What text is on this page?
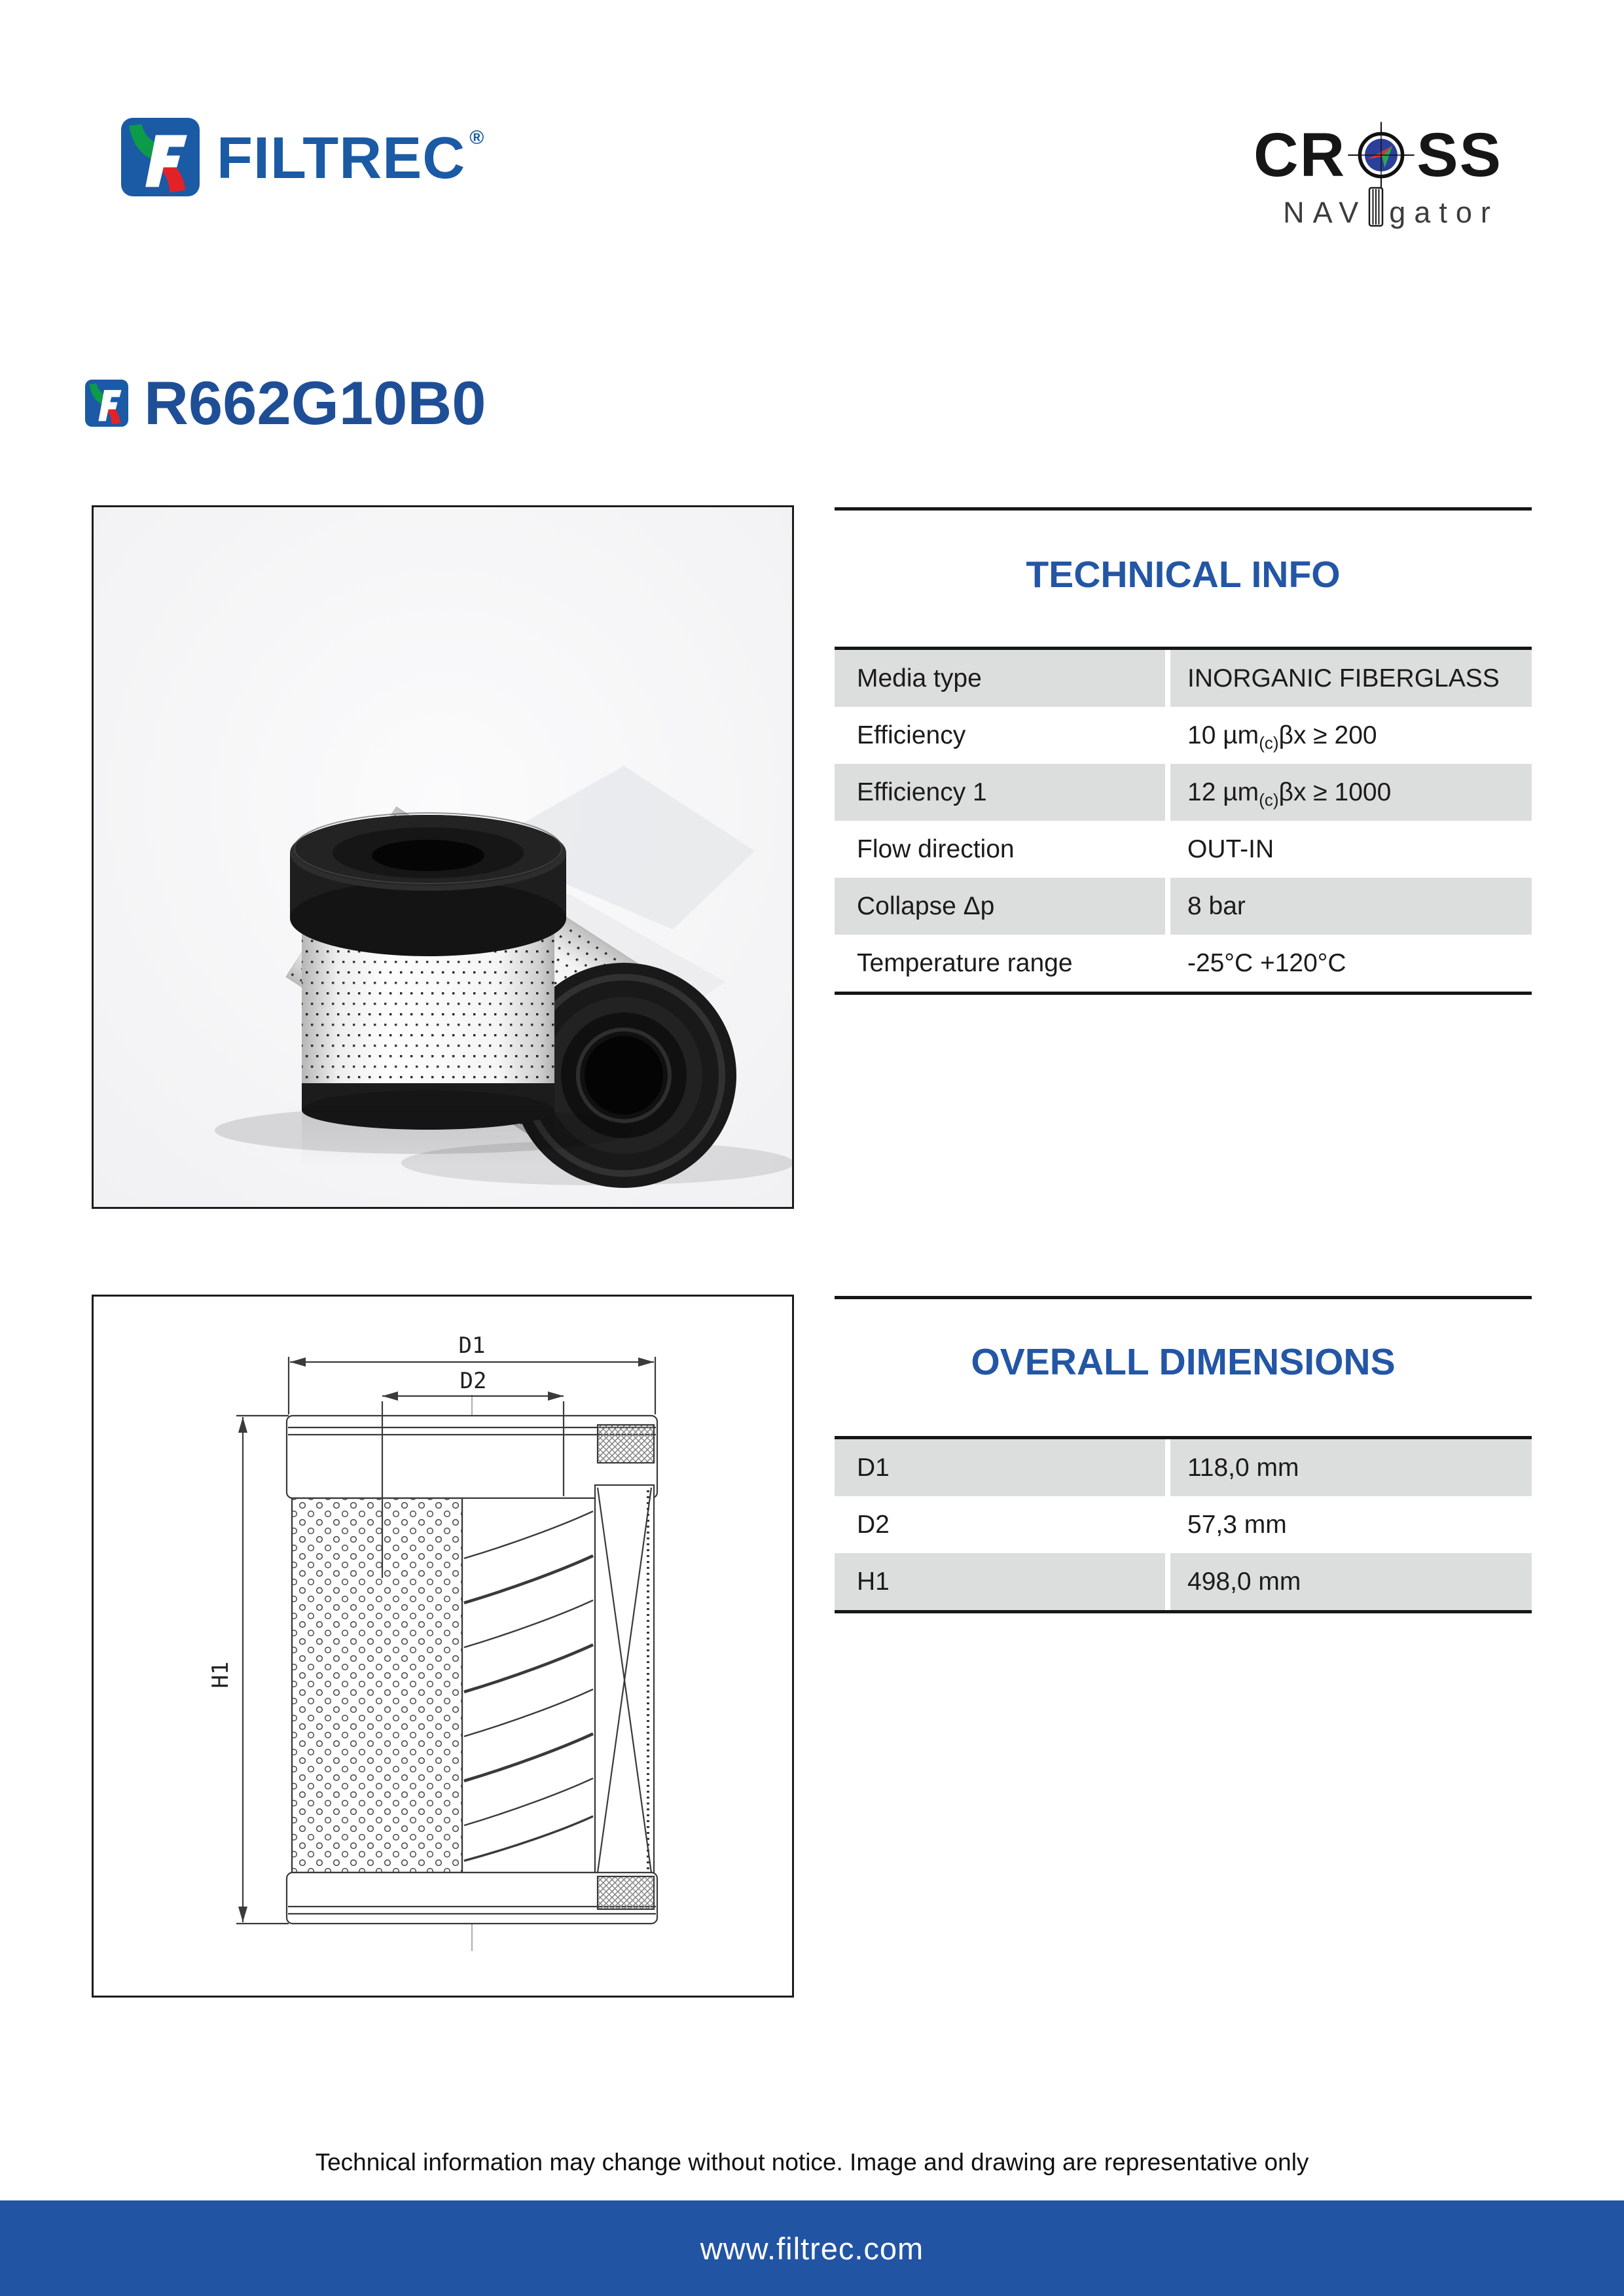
FILTREC ®	CR SS
NAV gator
R662G10B0
TECHNICAL INFO
Media type	INORGANIC FIBERGLASS
Efficiency	10 µm$_{(c)}$ βx ≥ 200
Efficiency 1	12 µm$_{(c)}$ βx ≥ 1000
Flow direction	OUT-IN
Collapse Δp	8 bar
Temperature range	-25°C +120°C
D1
D2
H1
OVERALL DIMENSIONS
D1	118,0 mm
D2	57,3 mm
H1	498,0 mm
Technical information may change without notice. Image and drawing are representative only
www.filtrec.com
